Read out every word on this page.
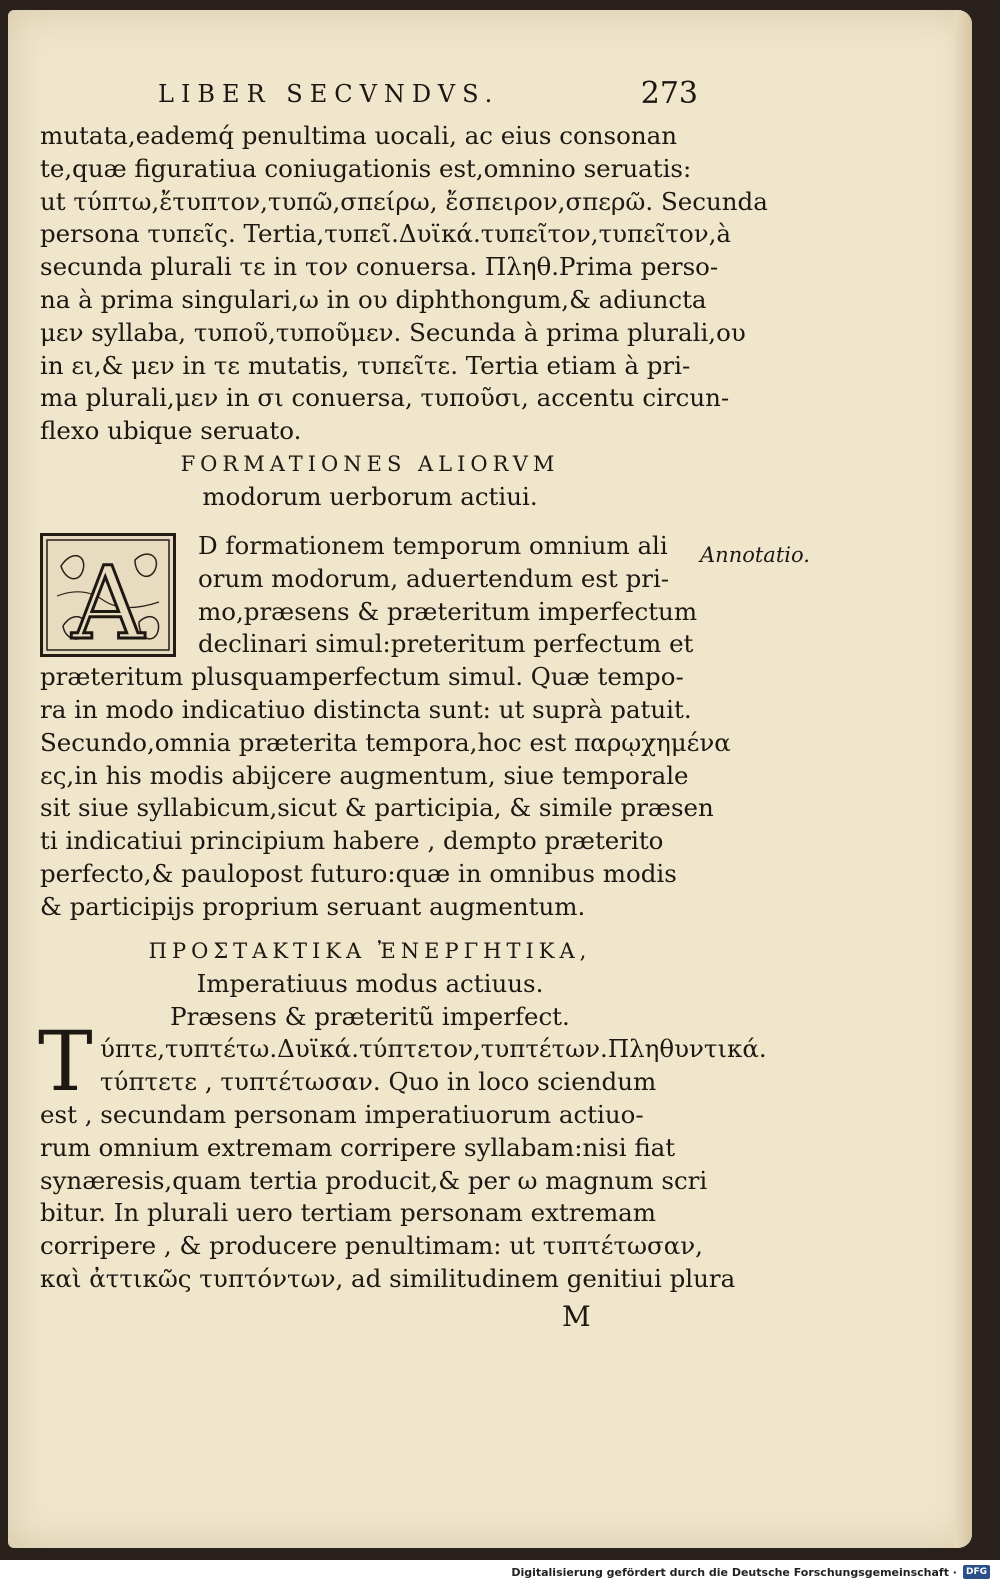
LIBER SECVNDVS.	273
mutata,eademq́ penultima uocali, ac eius consonan
te,quæ figuratiua coniugationis est,omnino seruatis:
ut τύπτω,ἔτυπτον,τυπῶ,σπείρω, ἔσπειρον,σπερῶ. Secunda
persona τυπεῖς. Tertia,τυπεῖ.Δυϊκά.τυπεῖτον,τυπεῖτον,à
secunda plurali τε in τον conuersa. Πληθ.Prima perso-
na à prima singulari,ω in ου diphthongum,& adiuncta
μεν syllaba, τυποῦ,τυποῦμεν. Secunda à prima plurali,ου
in ει,& μεν in τε mutatis, τυπεῖτε. Tertia etiam à pri-
ma plurali,μεν in σι conuersa, τυποῦσι, accentu circun-
flexo ubique seruato.
FORMATIONES ALIORVM
modorum uerborum actiui.
Annotatio.
A D formationem temporum omnium ali
orum modorum, aduertendum est pri-
mo,præsens & præteritum imperfectum
declinari simul:preteritum perfectum et
præteritum plusquamperfectum simul. Quæ tempo-
ra in modo indicatiuo distincta sunt: ut suprà patuit.
Secundo,omnia præterita tempora,hoc est παρῳχημένα
ες,in his modis abijcere augmentum, siue temporale
sit siue syllabicum,sicut & participia, & simile præsen
ti indicatiui principium habere , dempto præterito
perfecto,& paulopost futuro:quæ in omnibus modis
& participijs proprium seruant augmentum.
ΠΡΟΣΤΑΚΤΙΚΑ ἘΝΕΡΓΗΤΙΚΑ,
Imperatiuus modus actiuus.
Præsens & præteritũ imperfect.
ύπτε,τυπτέτω.Δυϊκά.τύπτετον,τυπτέτων.Πληθυντικά.
τύπτετε , τυπτέτωσαν. Quo in loco sciendum
est , secundam personam imperatiuorum actiuo-
rum omnium extremam corripere syllabam:nisi fiat
synæresis,quam tertia producit,& per ω magnum scri
bitur. In plurali uero tertiam personam extremam
corripere , & producere penultimam: ut τυπτέτωσαν,
καὶ ἀττικῶς τυπτόντων, ad similitudinem genitiui plura
T
M
Digitalisierung gefördert durch die Deutsche Forschungsgemeinschaft ·	DFG
